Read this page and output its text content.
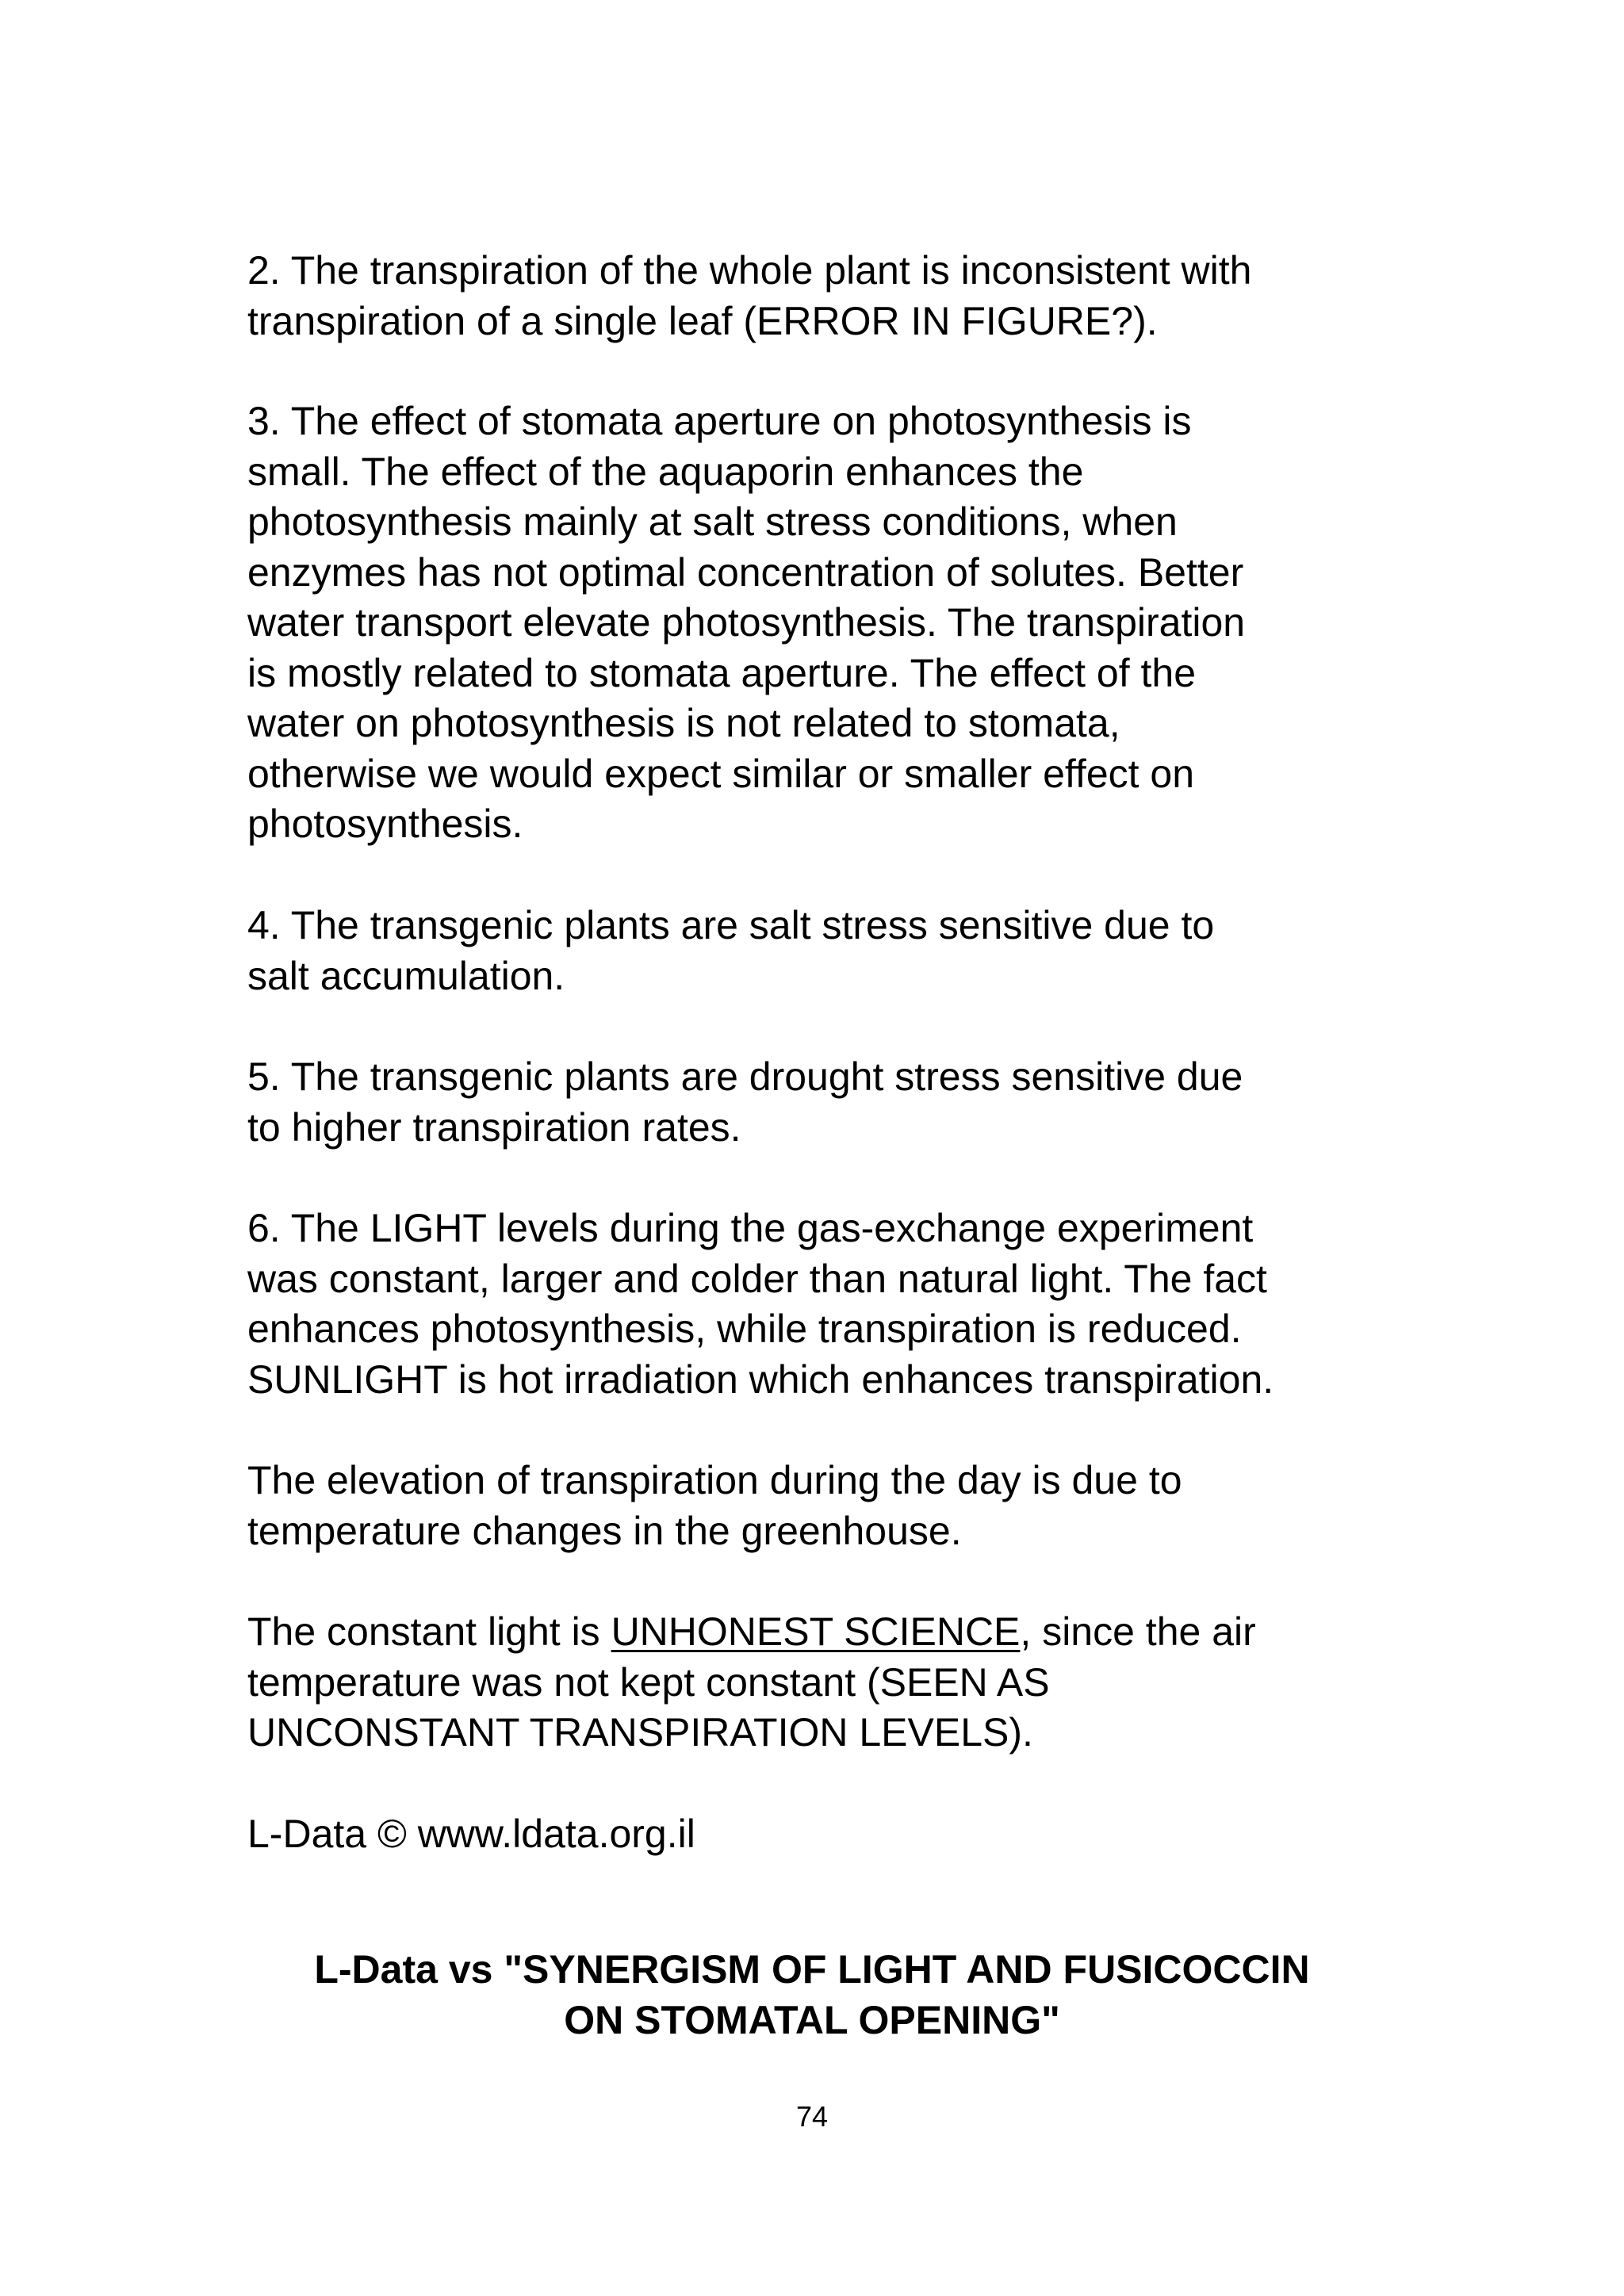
2. The transpiration of the whole plant is inconsistent with
transpiration of a single leaf (ERROR IN FIGURE?).

3. The effect of stomata aperture on photosynthesis is
small. The effect of the aquaporin enhances the
photosynthesis mainly at salt stress conditions, when
enzymes has not optimal concentration of solutes. Better
water transport elevate photosynthesis. The transpiration
is mostly related to stomata aperture. The effect of the
water on photosynthesis is not related to stomata,
otherwise we would expect similar or smaller effect on
photosynthesis.

4. The transgenic plants are salt stress sensitive due to
salt accumulation.

5. The transgenic plants are drought stress sensitive due
to higher transpiration rates.

6. The LIGHT levels during the gas-exchange experiment
was constant, larger and colder than natural light. The fact
enhances photosynthesis, while transpiration is reduced.
SUNLIGHT is hot irradiation which enhances transpiration.

The elevation of transpiration during the day is due to
temperature changes in the greenhouse.

The constant light is UNHONEST SCIENCE, since the air
temperature was not kept constant (SEEN AS
UNCONSTANT TRANSPIRATION LEVELS).

L-Data © www.ldata.org.il

L-Data vs "SYNERGISM OF LIGHT AND FUSICOCCIN
ON STOMATAL OPENING"
74
